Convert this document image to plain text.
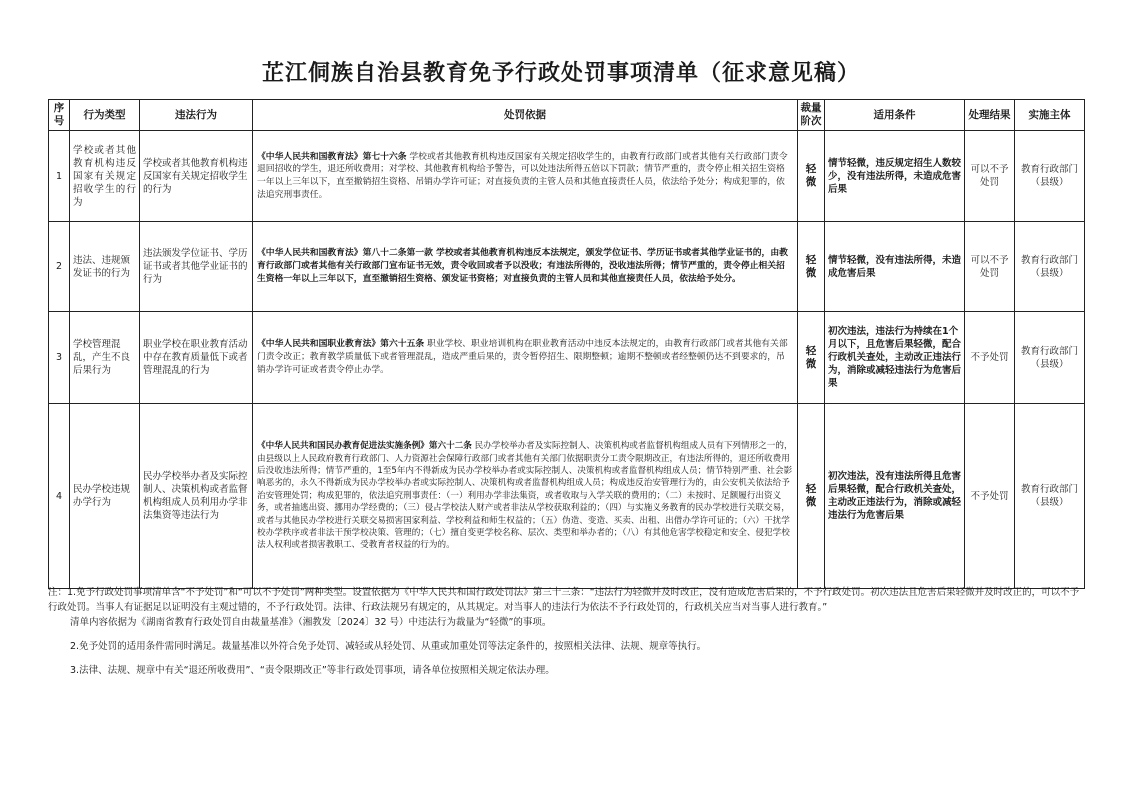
芷江侗族自治县教育免予行政处罚事项清单（征求意见稿）
序号	行为类型	违法行为	处罚依据	裁量阶次	适用条件	处理结果	实施主体
1	学校或者其他教育机构违反国家有关规定招收学生的行为	学校或者其他教育机构违反国家有关规定招收学生的行为	《中华人民共和国教育法》第七十六条 学校或者其他教育机构违反国家有关规定招收学生的，由教育行政部门或者其他有关行政部门责令退回招收的学生，退还所收费用；对学校、其他教育机构给予警告，可以处违法所得五倍以下罚款；情节严重的，责令停止相关招生资格一年以上三年以下，直至撤销招生资格、吊销办学许可证；对直接负责的主管人员和其他直接责任人员，依法给予处分；构成犯罪的，依法追究刑事责任。	轻微	情节轻微，违反规定招生人数较少，没有违法所得，未造成危害后果	可以不予处罚	教育行政部门（县级）
2	违法、违规颁发证书的行为	违法颁发学位证书、学历证书或者其他学业证书的行为	《中华人民共和国教育法》第八十二条第一款 学校或者其他教育机构违反本法规定，颁发学位证书、学历证书或者其他学业证书的，由教育行政部门或者其他有关行政部门宣布证书无效，责令收回或者予以没收；有违法所得的，没收违法所得；情节严重的，责令停止相关招生资格一年以上三年以下，直至撤销招生资格、颁发证书资格；对直接负责的主管人员和其他直接责任人员，依法给予处分。	轻微	情节轻微，没有违法所得，未造成危害后果	可以不予处罚	教育行政部门（县级）
3	学校管理混乱，产生不良后果行为	职业学校在职业教育活动中存在教育质量低下或者管理混乱的行为	《中华人民共和国职业教育法》第六十五条 职业学校、职业培训机构在职业教育活动中违反本法规定的，由教育行政部门或者其他有关部门责令改正；教育教学质量低下或者管理混乱，造成严重后果的，责令暂停招生、限期整顿；逾期不整顿或者经整顿仍达不到要求的，吊销办学许可证或者责令停止办学。	轻微	初次违法，违法行为持续在1个月以下，且危害后果轻微，配合行政机关查处，主动改正违法行为，消除或减轻违法行为危害后果	不予处罚	教育行政部门（县级）
4	民办学校违规办学行为	民办学校举办者及实际控制人、决策机构或者监督机构组成人员利用办学非法集资等违法行为	《中华人民共和国民办教育促进法实施条例》第六十二条 民办学校举办者及实际控制人、决策机构或者监督机构组成人员有下列情形之一的，由县级以上人民政府教育行政部门、人力资源社会保障行政部门或者其他有关部门依据职责分工责令限期改正，有违法所得的，退还所收费用后没收违法所得；情节严重的，1至5年内不得新成为民办学校举办者或实际控制人、决策机构或者监督机构组成人员；情节特别严重、社会影响恶劣的，永久不得新成为民办学校举办者或实际控制人、决策机构或者监督机构组成人员；构成违反治安管理行为的，由公安机关依法给予治安管理处罚；构成犯罪的，依法追究刑事责任：（一）利用办学非法集资，或者收取与入学关联的费用的；（二）未按时、足额履行出资义务，或者抽逃出资、挪用办学经费的；（三）侵占学校法人财产或者非法从学校获取利益的；（四）与实施义务教育的民办学校进行关联交易，或者与其他民办学校进行关联交易损害国家利益、学校利益和师生权益的；（五）伪造、变造、买卖、出租、出借办学许可证的；（六）干扰学校办学秩序或者非法干预学校决策、管理的；（七）擅自变更学校名称、层次、类型和举办者的；（八）有其他危害学校稳定和安全、侵犯学校法人权利或者损害教职工、受教育者权益的行为的。	轻微	初次违法，没有违法所得且危害后果轻微，配合行政机关查处，主动改正违法行为，消除或减轻违法行为危害后果	不予处罚	教育行政部门（县级）

注：1.免予行政处罚事项清单含“不予处罚”和“可以不予处罚”两种类型。设置依据为《中华人民共和国行政处罚法》第三十三条：“违法行为轻微并及时改正，没有造成危害后果的，不予行政处罚。初次违法且危害后果轻微并及时改正的，可以不予行政处罚。当事人有证据足以证明没有主观过错的，不予行政处罚。法律、行政法规另有规定的，从其规定。对当事人的违法行为依法不予行政处罚的，行政机关应当对当事人进行教育。”

清单内容依据为《湖南省教育行政处罚自由裁量基准》（湘教发〔2024〕32 号）中违法行为裁量为“轻微”的事项。

2.免予处罚的适用条件需同时满足。裁量基准以外符合免予处罚、减轻或从轻处罚、从重或加重处罚等法定条件的，按照相关法律、法规、规章等执行。

3.法律、法规、规章中有关“退还所收费用”、“责令限期改正”等非行政处罚事项，请各单位按照相关规定依法办理。
